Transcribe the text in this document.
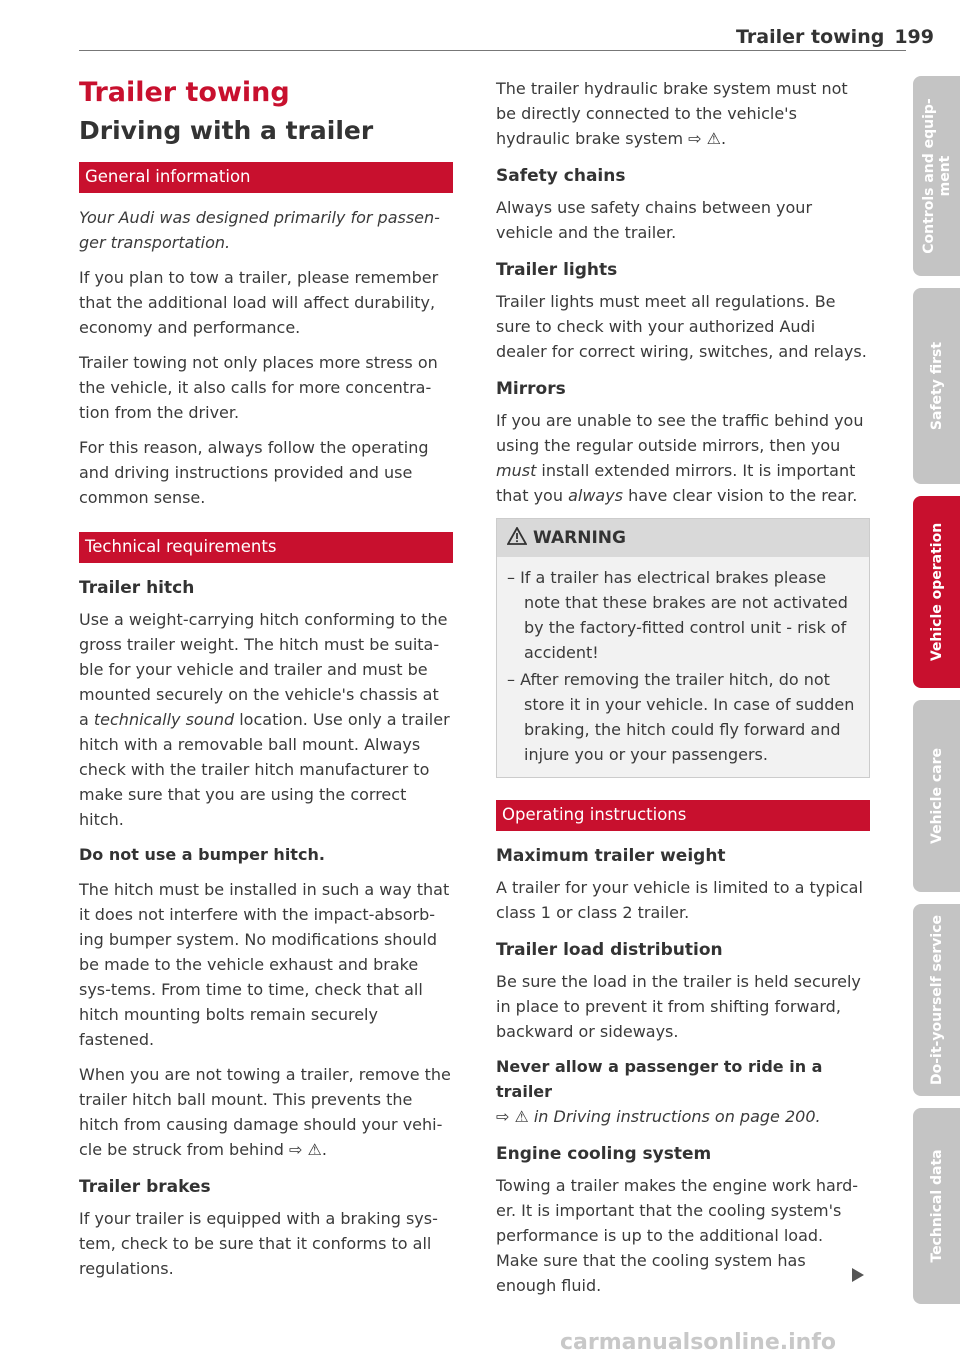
Trailer towing 199
Trailer towing
Driving with a trailer
General information

Your Audi was designed primarily for passen-ger transportation.

If you plan to tow a trailer, please remember that the additional load will affect durability, economy and performance.

Trailer towing not only places more stress on the vehicle, it also calls for more concentra-tion from the driver.

For this reason, always follow the operating and driving instructions provided and use common sense.

Technical requirements
Trailer hitch

Use a weight-carrying hitch conforming to the gross trailer weight. The hitch must be suita-ble for your vehicle and trailer and must be mounted securely on the vehicle's chassis at a technically sound location. Use only a trailer hitch with a removable ball mount. Always check with the trailer hitch manufacturer to make sure that you are using the correct hitch.

Do not use a bumper hitch.

The hitch must be installed in such a way that it does not interfere with the impact-absorb-ing bumper system. No modifications should be made to the vehicle exhaust and brake sys-tems. From time to time, check that all hitch mounting bolts remain securely fastened.

When you are not towing a trailer, remove the trailer hitch ball mount. This prevents the hitch from causing damage should your vehi-cle be struck from behind ⇨ ⚠.

Trailer brakes

If your trailer is equipped with a braking sys-tem, check to be sure that it conforms to all regulations.

The trailer hydraulic brake system must not be directly connected to the vehicle's hydraulic brake system ⇨ ⚠.

Safety chains

Always use safety chains between your vehicle and the trailer.

Trailer lights

Trailer lights must meet all regulations. Be sure to check with your authorized Audi dealer for correct wiring, switches, and relays.

Mirrors

If you are unable to see the traffic behind you using the regular outside mirrors, then you must install extended mirrors. It is important that you always have clear vision to the rear.

WARNING
– If a trailer has electrical brakes please note that these brakes are not activated by the factory-fitted control unit - risk of accident!
– After removing the trailer hitch, do not store it in your vehicle. In case of sudden braking, the hitch could fly forward and injure you or your passengers.
Operating instructions
Maximum trailer weight

A trailer for your vehicle is limited to a typical class 1 or class 2 trailer.

Trailer load distribution

Be sure the load in the trailer is held securely in place to prevent it from shifting forward, backward or sideways.

Never allow a passenger to ride in a trailer

⇨ ⚠ in Driving instructions on page 200.

Engine cooling system

Towing a trailer makes the engine work hard-er. It is important that the cooling system's performance is up to the additional load. Make sure that the cooling system has enough fluid.

Controls and equip-
ment
Safety first
Vehicle operation
Vehicle care
Do-it-yourself service
Technical data
carmanualsonline.info
